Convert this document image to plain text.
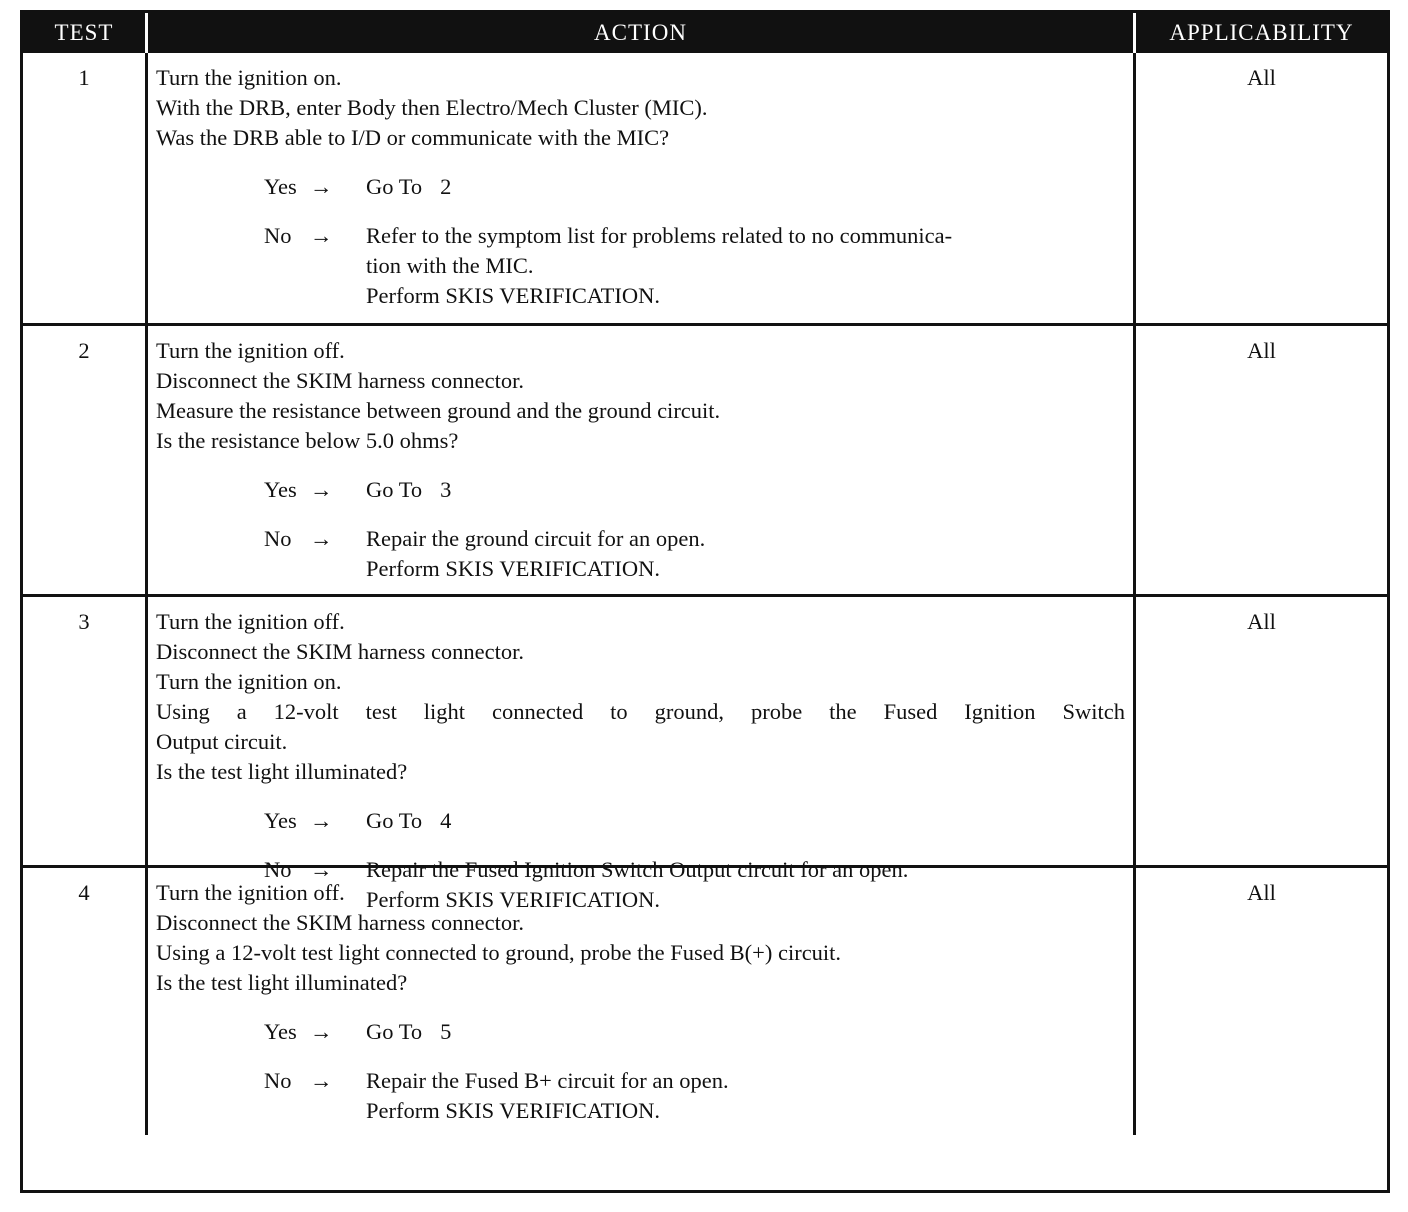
TEST	ACTION	APPLICABILITY
1	Turn the ignition on.
With the DRB, enter Body then Electro/Mech Cluster (MIC).
Was the DRB able to I/D or communicate with the MIC?
Yes →	Go To 2
No →	Refer to the symptom list for problems related to no communica-
tion with the MIC.
Perform SKIS VERIFICATION.
All
2	Turn the ignition off.
Disconnect the SKIM harness connector.
Measure the resistance between ground and the ground circuit.
Is the resistance below 5.0 ohms?
Yes →	Go To 3
No →	Repair the ground circuit for an open.
Perform SKIS VERIFICATION.
All
3	Turn the ignition off.
Disconnect the SKIM harness connector.
Turn the ignition on.
Using a 12-volt test light connected to ground, probe the Fused Ignition Switch
Output circuit.
Is the test light illuminated?
Yes →	Go To 4
No →	Repair the Fused Ignition Switch Output circuit for an open.
Perform SKIS VERIFICATION.
All
4	Turn the ignition off.
Disconnect the SKIM harness connector.
Using a 12-volt test light connected to ground, probe the Fused B(+) circuit.
Is the test light illuminated?
Yes →	Go To 5
No →	Repair the Fused B+ circuit for an open.
Perform SKIS VERIFICATION.
All
